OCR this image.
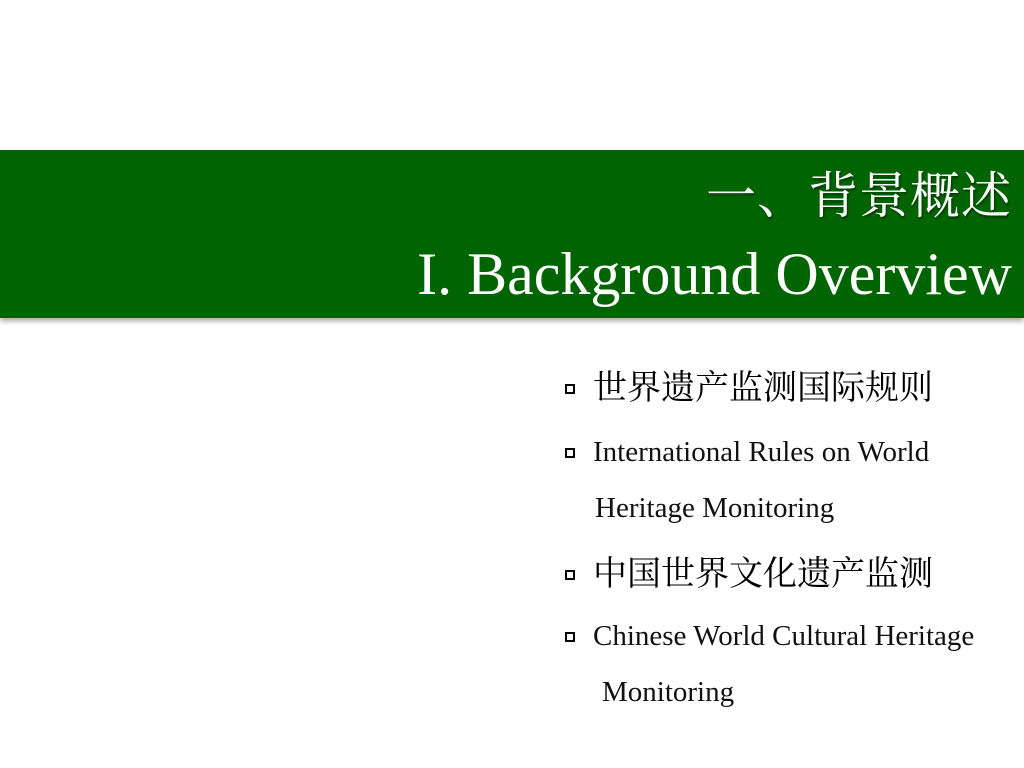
一、背景概述
I. Background Overview
世界遗产监测国际规则
International Rules on World
Heritage Monitoring
中国世界文化遗产监测
Chinese World Cultural Heritage
Monitoring
